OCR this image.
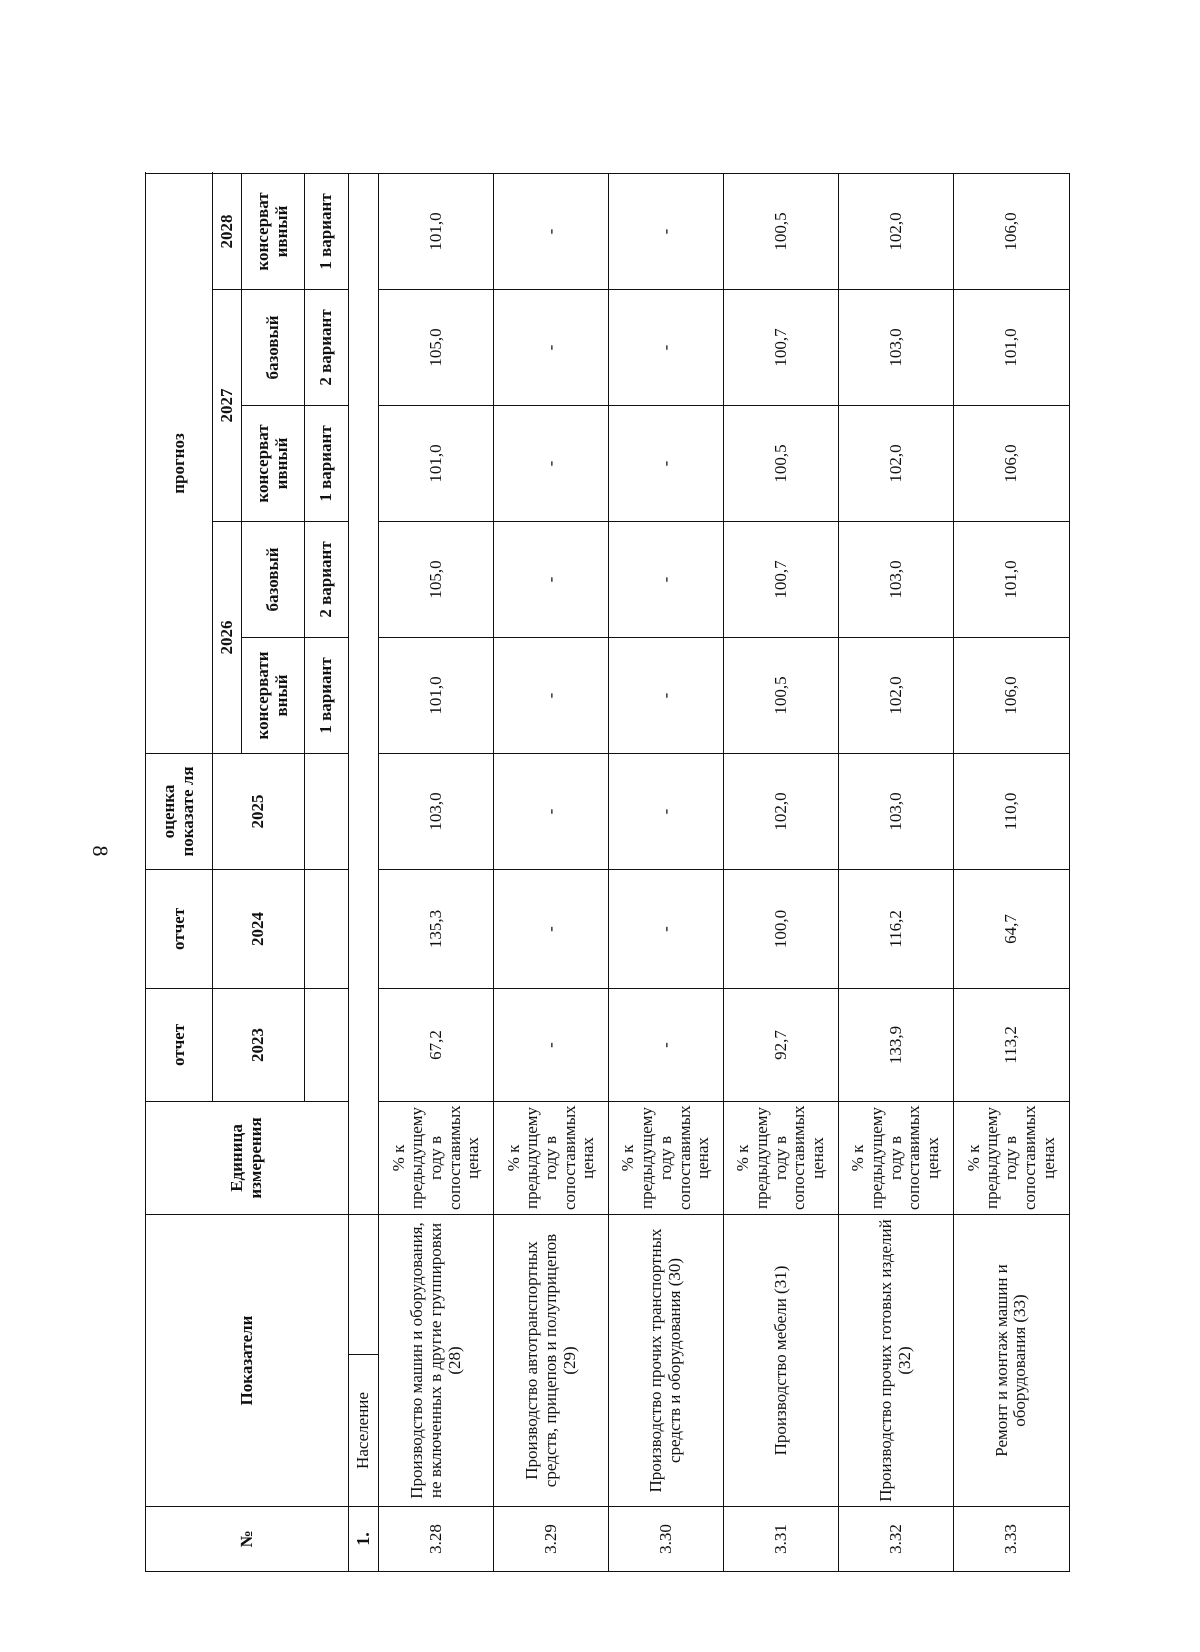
8
№	Показатели		Единица измерения	отчет	отчет	оценка показате ля	прогноз					
				2023	2024	2025	2026		2027		2028	
							консервати вный	базовый	консерват ивный	базовый	консерват ивный	
							1 вариант	2 вариант	1 вариант	2 вариант	1 вариант	
1.	Население											
3.28	Производство машин и оборудования, не включенных в другие группировки (28)		% к предыдущему году в сопоставимых ценах	67,2	135,3	103,0	101,0	105,0	101,0	105,0	101,0	
3.29	Производство автотранспортных средств, прицепов и полуприцепов (29)		% к предыдущему году в сопоставимых ценах	-	-	-	-	-	-	-	-	
3.30	Производство прочих транспортных средств и оборудования (30)		% к предыдущему году в сопоставимых ценах	-	-	-	-	-	-	-	-	
3.31	Производство мебели (31)		% к предыдущему году в сопоставимых ценах	92,7	100,0	102,0	100,5	100,7	100,5	100,7	100,5	
3.32	Производство прочих готовых изделий (32)		% к предыдущему году в сопоставимых ценах	133,9	116,2	103,0	102,0	103,0	102,0	103,0	102,0	
3.33	Ремонт и монтаж машин и оборудования (33)		% к предыдущему году в сопоставимых ценах	113,2	64,7	110,0	106,0	101,0	106,0	101,0	106,0	
